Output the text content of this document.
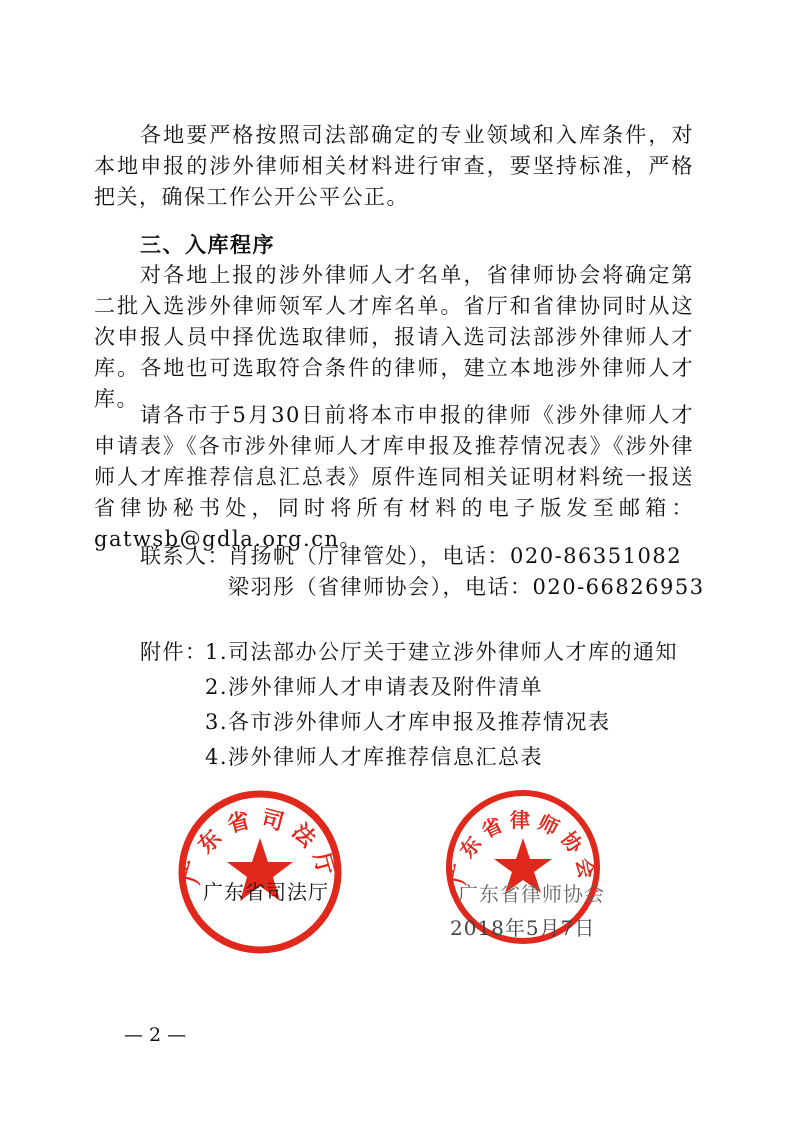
各地要严格按照司法部确定的专业领域和入库条件，对本地申报的涉外律师相关材料进行审查，要坚持标准，严格把关，确保工作公开公平公正。

三、入库程序

对各地上报的涉外律师人才名单，省律师协会将确定第二批入选涉外律师领军人才库名单。省厅和省律协同时从这次申报人员中择优选取律师，报请入选司法部涉外律师人才库。各地也可选取符合条件的律师，建立本地涉外律师人才库。

请各市于5月30日前将本市申报的律师《涉外律师人才申请表》《各市涉外律师人才库申报及推荐情况表》《涉外律师人才库推荐信息汇总表》原件连同相关证明材料统一报送省律协秘书处，同时将所有材料的电子版发至邮箱：gatwsb@gdla.org.cn。

联系人：
肖扬帆（厅律管处），电话：020-86351082
梁羽彤（省律师协会），电话：020-66826953
附件：
1.司法部办公厅关于建立涉外律师人才库的通知
2.涉外律师人才申请表及附件清单
3.各市涉外律师人才库申报及推荐情况表
4.涉外律师人才库推荐信息汇总表
广东省司法厅
广东省司法厅
广东省律师协会
广东省律师协会
2018年5月7日
— 2 —
